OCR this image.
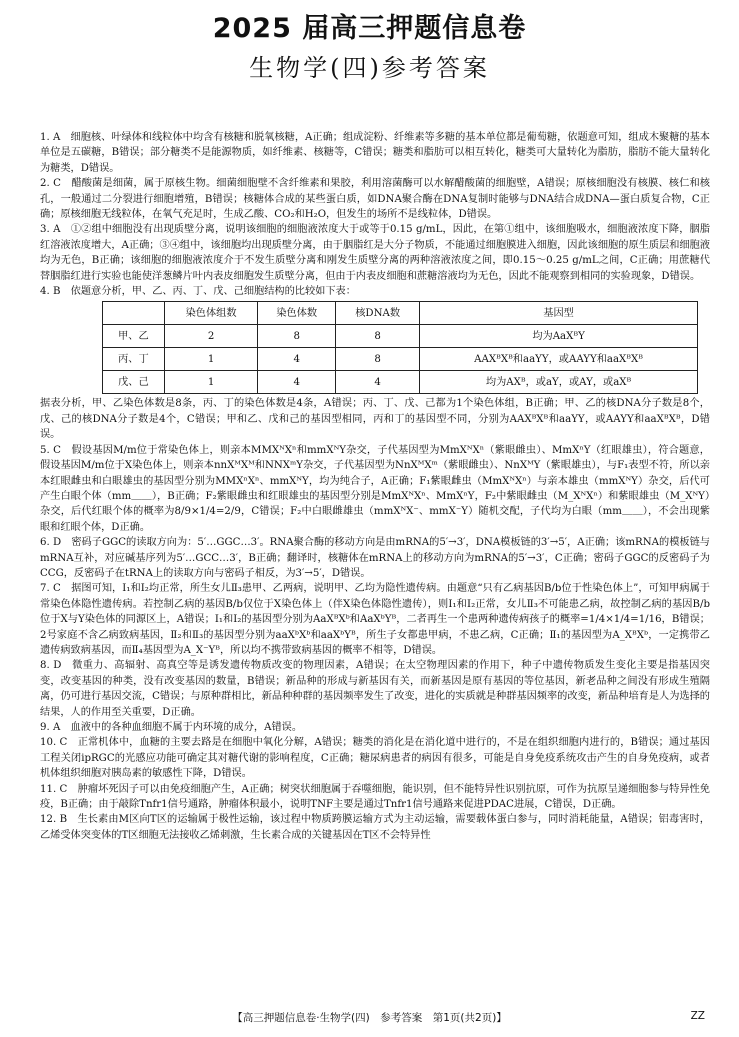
2025 届高三押题信息卷
生物学(四)参考答案

1. A　细胞核、叶绿体和线粒体中均含有核糖和脱氧核糖，A正确；组成淀粉、纤维素等多糖的基本单位都是葡萄糖，依题意可知，组成木聚糖的基本单位是五碳糖，B错误；部分糖类不是能源物质，如纤维素、核糖等，C错误；糖类和脂肪可以相互转化，糖类可大量转化为脂肪，脂肪不能大量转化为糖类，D错误。

2. C　醋酸菌是细菌，属于原核生物。细菌细胞壁不含纤维素和果胶，利用溶菌酶可以水解醋酸菌的细胞壁，A错误；原核细胞没有核膜、核仁和核孔，一般通过二分裂进行细胞增殖，B错误；核糖体合成的某些蛋白质，如DNA聚合酶在DNA复制时能够与DNA结合成DNA—蛋白质复合物，C正确；原核细胞无线粒体，在氧气充足时，生成乙酸、CO₂和H₂O，但发生的场所不是线粒体，D错误。

3. A　①②组中细胞没有出现质壁分离，说明该细胞的细胞液浓度大于或等于0.15 g/mL，因此，在第①组中，该细胞吸水，细胞液浓度下降，胭脂红溶液浓度增大，A正确；③④组中，该细胞均出现质壁分离，由于胭脂红是大分子物质，不能通过细胞膜进入细胞，因此该细胞的原生质层和细胞液均为无色，B正确；该细胞的细胞液浓度介于不发生质壁分离和刚发生质壁分离的两种溶液浓度之间，即0.15～0.25 g/mL之间，C正确；用蔗糖代替胭脂红进行实验也能使洋葱鳞片叶内表皮细胞发生质壁分离，但由于内表皮细胞和蔗糖溶液均为无色，因此不能观察到相同的实验现象，D错误。

4. B　依题意分析，甲、乙、丙、丁、戊、己细胞结构的比较如下表：

	染色体组数	染色体数	核DNA数	基因型
甲、乙	2	8	8	均为AaXᴮY
丙、丁	1	4	8	AAXᴮXᴮ和aaYY，或AAYY和aaXᴮXᴮ
戊、己	1	4	4	均为AXᴮ，或aY，或AY，或aXᴮ

据表分析，甲、乙染色体数是8条，丙、丁的染色体数是4条，A错误；丙、丁、戊、己都为1个染色体组，B正确；甲、乙的核DNA分子数是8个，戊、己的核DNA分子数是4个，C错误；甲和乙、戊和己的基因型相同，丙和丁的基因型不同，分别为AAXᴮXᴮ和aaYY，或AAYY和aaXᴮXᴮ，D错误。

5. C　假设基因M/m位于常染色体上，则亲本MMXᴺXⁿ和mmXᴺY杂交，子代基因型为MmXᴺXⁿ（紫眼雌虫）、MmXⁿY（红眼雄虫），符合题意，假设基因M/m位于X染色体上，则亲本nnXᴹXᴹ和NNXᵐY杂交，子代基因型为NnXᴹXᵐ（紫眼雌虫）、NnXᴹY（紫眼雄虫），与F₁表型不符，所以亲本红眼雌虫和白眼雄虫的基因型分别为MMXⁿXⁿ、mmXᴺY，均为纯合子，A正确；F₁紫眼雌虫（MmXᴺXⁿ）与亲本雄虫（mmXᴺY）杂交，后代可产生白眼个体（mm＿＿），B正确；F₂紫眼雌虫和红眼雄虫的基因型分别是MmXᴺXⁿ、MmXⁿY，F₂中紫眼雌虫（M_XᴺXⁿ）和紫眼雄虫（M_XᴺY）杂交，后代红眼个体的概率为8/9×1/4=2/9，C错误；F₂中白眼雌雄虫（mmXᴺX⁻、mmX⁻Y）随机交配，子代均为白眼（mm＿＿），不会出现紫眼和红眼个体，D正确。

6. D　密码子GGC的读取方向为：5′…GGC…3′。RNA聚合酶的移动方向是由mRNA的5′→3′，DNA模板链的3′→5′，A正确；该mRNA的模板链与mRNA互补，对应碱基序列为5′…GCC…3′，B正确；翻译时，核糖体在mRNA上的移动方向为mRNA的5′→3′，C正确；密码子GGC的反密码子为CCG，反密码子在tRNA上的读取方向与密码子相反，为3′→5′，D错误。

7. C　据图可知，Ⅰ₁和Ⅰ₂均正常，所生女儿Ⅱ₃患甲、乙两病，说明甲、乙均为隐性遗传病。由题意“只有乙病基因B/b位于性染色体上”，可知甲病属于常染色体隐性遗传病。若控制乙病的基因B/b仅位于X染色体上（伴X染色体隐性遗传），则Ⅰ₁和Ⅰ₂正常，女儿Ⅱ₃不可能患乙病，故控制乙病的基因B/b位于X与Y染色体的同源区上，A错误；Ⅰ₁和Ⅰ₂的基因型分别为AaXᴮXᵇ和AaXᵇYᴮ，二者再生一个患两种遗传病孩子的概率=1/4×1/4=1/16，B错误；2号家庭不含乙病致病基因，Ⅱ₂和Ⅱ₃的基因型分别为aaXᵇXᵇ和aaXᵇYᴮ，所生子女都患甲病，不患乙病，C正确；Ⅱ₁的基因型为A_XᴮXᵇ，一定携带乙遗传病致病基因，而Ⅱ₄基因型为A_X⁻Yᴮ，所以均不携带致病基因的概率不相等，D错误。

8. D　微重力、高辐射、高真空等是诱发遗传物质改变的物理因素，A错误；在太空物理因素的作用下，种子中遗传物质发生变化主要是指基因突变，改变基因的种类，没有改变基因的数量，B错误；新品种的形成与新基因有关，而新基因是原有基因的等位基因，新老品种之间没有形成生殖隔离，仍可进行基因交流，C错误；与原种群相比，新品种种群的基因频率发生了改变，进化的实质就是种群基因频率的改变，新品种培育是人为选择的结果，人的作用至关重要，D正确。

9. A　血液中的各种血细胞不属于内环境的成分，A错误。

10. C　正常机体中，血糖的主要去路是在细胞中氧化分解，A错误；糖类的消化是在消化道中进行的，不是在组织细胞内进行的，B错误；通过基因工程关闭ipRGC的光感应功能可确定其对糖代谢的影响程度，C正确；糖尿病患者的病因有很多，可能是自身免疫系统攻击产生的自身免疫病，或者机体组织细胞对胰岛素的敏感性下降，D错误。

11. C　肿瘤坏死因子可以由免疫细胞产生，A正确；树突状细胞属于吞噬细胞，能识别，但不能特异性识别抗原，可作为抗原呈递细胞参与特异性免疫，B正确；由于敲除Tnfr1信号通路，肿瘤体积最小，说明TNF主要是通过Tnfr1信号通路来促进PDAC进展，C错误，D正确。

12. B　生长素由M区向T区的运输属于极性运输，该过程中物质跨膜运输方式为主动运输，需要载体蛋白参与，同时消耗能量，A错误；铝毒害时，乙烯受体突变体的T区细胞无法接收乙烯刺激，生长素合成的关键基因在T区不会特异性

【高三押题信息卷·生物学(四)　参考答案　第1页(共2页)】	ZZ
